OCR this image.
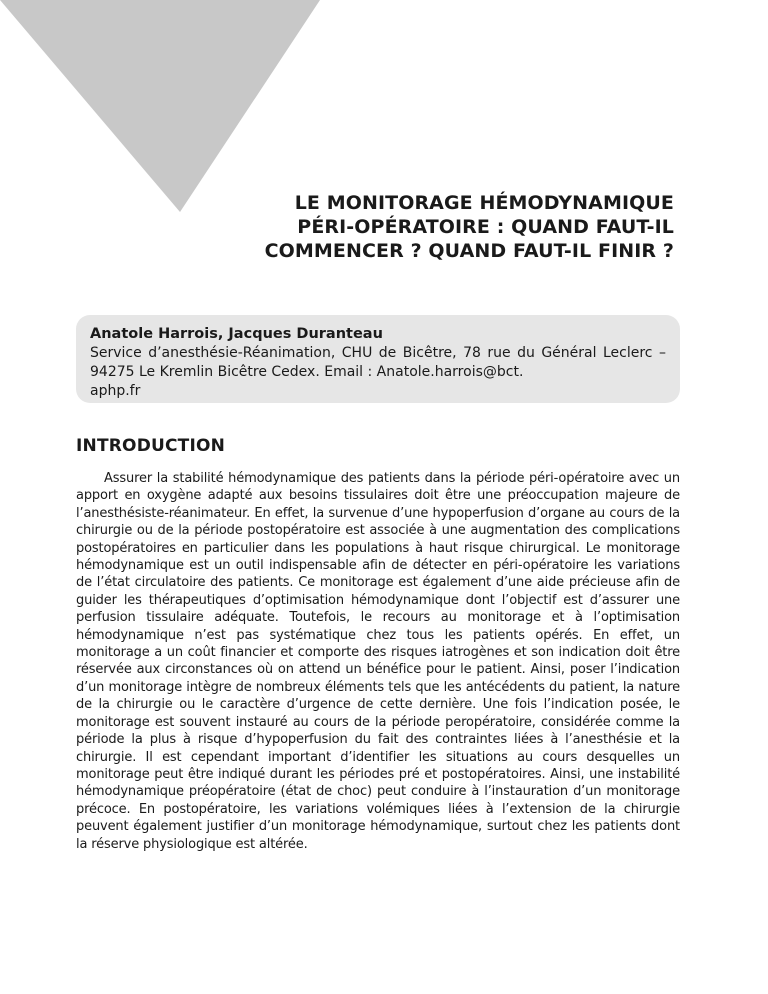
LE MONITORAGE HÉMODYNAMIQUE
PÉRI-OPÉRATOIRE : QUAND FAUT-IL
COMMENCER ? QUAND FAUT-IL FINIR ?
Anatole Harrois, Jacques Duranteau
Service d’anesthésie-Réanimation, CHU de Bicêtre, 78 rue du Général Leclerc – 94275 Le Kremlin Bicêtre Cedex. Email : Anatole.harrois@bct.
aphp.fr
INTRODUCTION

Assurer la stabilité hémodynamique des patients dans la période péri-opératoire avec un apport en oxygène adapté aux besoins tissulaires doit être une préoccupation majeure de l’anesthésiste-réanimateur. En effet, la survenue d’une hypoperfusion d’organe au cours de la chirurgie ou de la période postopératoire est associée à une augmentation des complications postopératoires en particulier dans les populations à haut risque chirurgical. Le monitorage hémodynamique est un outil indispensable afin de détecter en péri-opératoire les variations de l’état circulatoire des patients. Ce monitorage est également d’une aide précieuse afin de guider les thérapeutiques d’optimisation hémodynamique dont l’objectif est d’assurer une perfusion tissulaire adéquate. Toutefois, le recours au monitorage et à l’optimisation hémodynamique n’est pas systématique chez tous les patients opérés. En effet, un monitorage a un coût financier et comporte des risques iatrogènes et son indication doit être réservée aux circonstances où on attend un bénéfice pour le patient. Ainsi, poser l’indication d’un monitorage intègre de nombreux éléments tels que les antécédents du patient, la nature de la chirurgie ou le caractère d’urgence de cette dernière. Une fois l’indication posée, le monitorage est souvent instauré au cours de la période peropératoire, considérée comme la période la plus à risque d’hypoperfusion du fait des contraintes liées à l’anesthésie et la chirurgie. Il est cependant important d’identifier les situations au cours desquelles un monitorage peut être indiqué durant les périodes pré et postopératoires. Ainsi, une instabilité hémodynamique préopératoire (état de choc) peut conduire à l’instauration d’un monitorage précoce. En postopératoire, les variations volémiques liées à l’extension de la chirurgie peuvent également justifier d’un monitorage hémodynamique, surtout chez les patients dont la réserve physiologique est altérée.
